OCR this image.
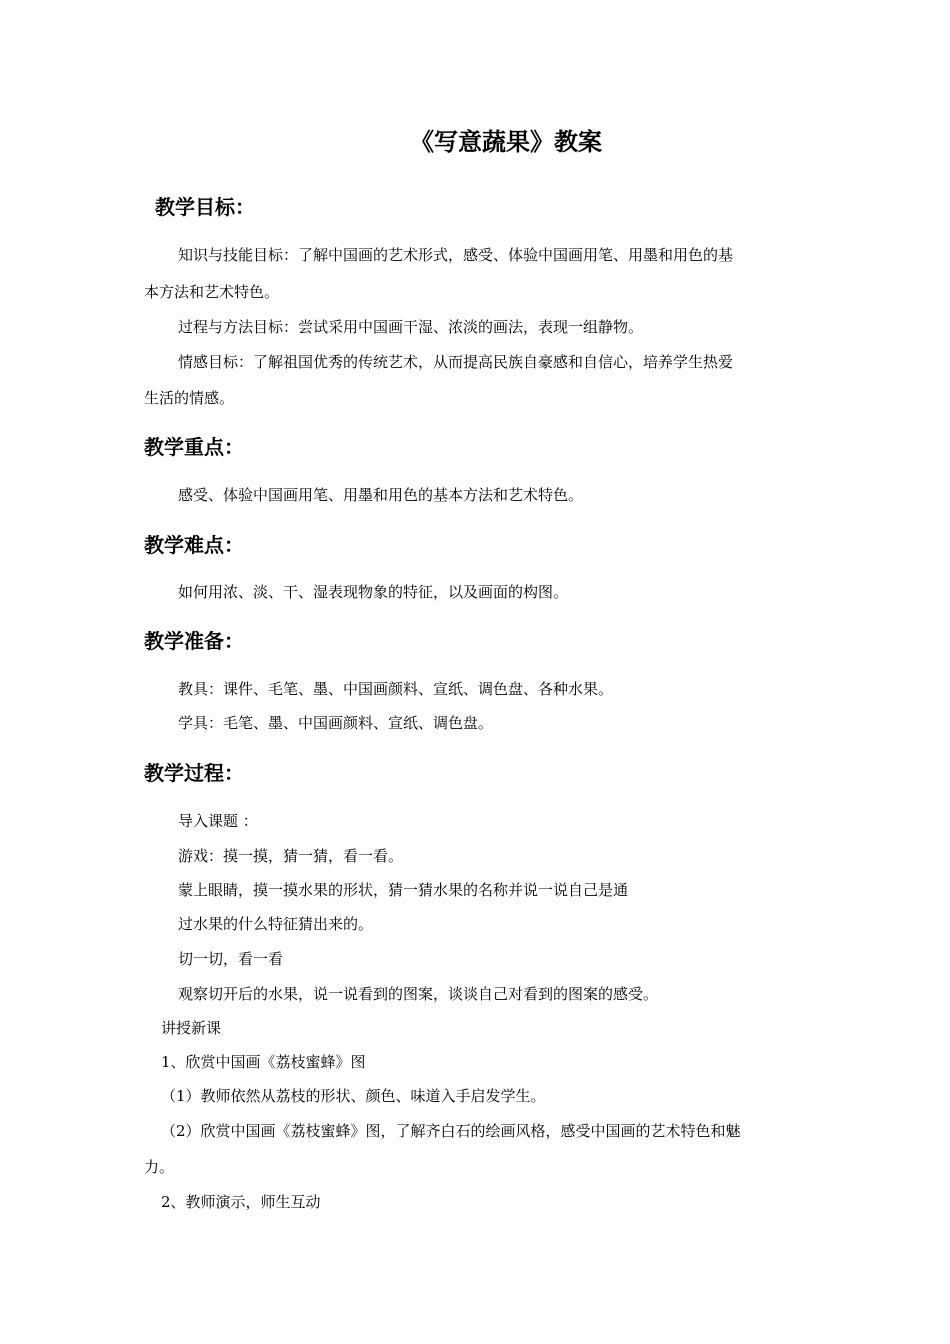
《写意蔬果》教案
教学目标：

知识与技能目标：了解中国画的艺术形式，感受、体验中国画用笔、用墨和用色的基

本方法和艺术特色。

过程与方法目标：尝试采用中国画干湿、浓淡的画法，表现一组静物。

情感目标：了解祖国优秀的传统艺术，从而提高民族自豪感和自信心，培养学生热爱

生活的情感。

教学重点：

感受、体验中国画用笔、用墨和用色的基本方法和艺术特色。

教学难点：

如何用浓、淡、干、湿表现物象的特征，以及画面的构图。

教学准备：

教具：课件、毛笔、墨、中国画颜料、宣纸、调色盘、各种水果。

学具：毛笔、墨、中国画颜料、宣纸、调色盘。

教学过程：

导入课题 ：

游戏：摸一摸，猜一猜，看一看。

蒙上眼睛，摸一摸水果的形状，猜一猜水果的名称并说一说自己是通

过水果的什么特征猜出来的。

切一切，看一看

观察切开后的水果，说一说看到的图案，谈谈自己对看到的图案的感受。

讲授新课

1、欣赏中国画《荔枝蜜蜂》图

（1）教师依然从荔枝的形状、颜色、味道入手启发学生。

（2）欣赏中国画《荔枝蜜蜂》图，了解齐白石的绘画风格，感受中国画的艺术特色和魅

力。

2、教师演示，师生互动
